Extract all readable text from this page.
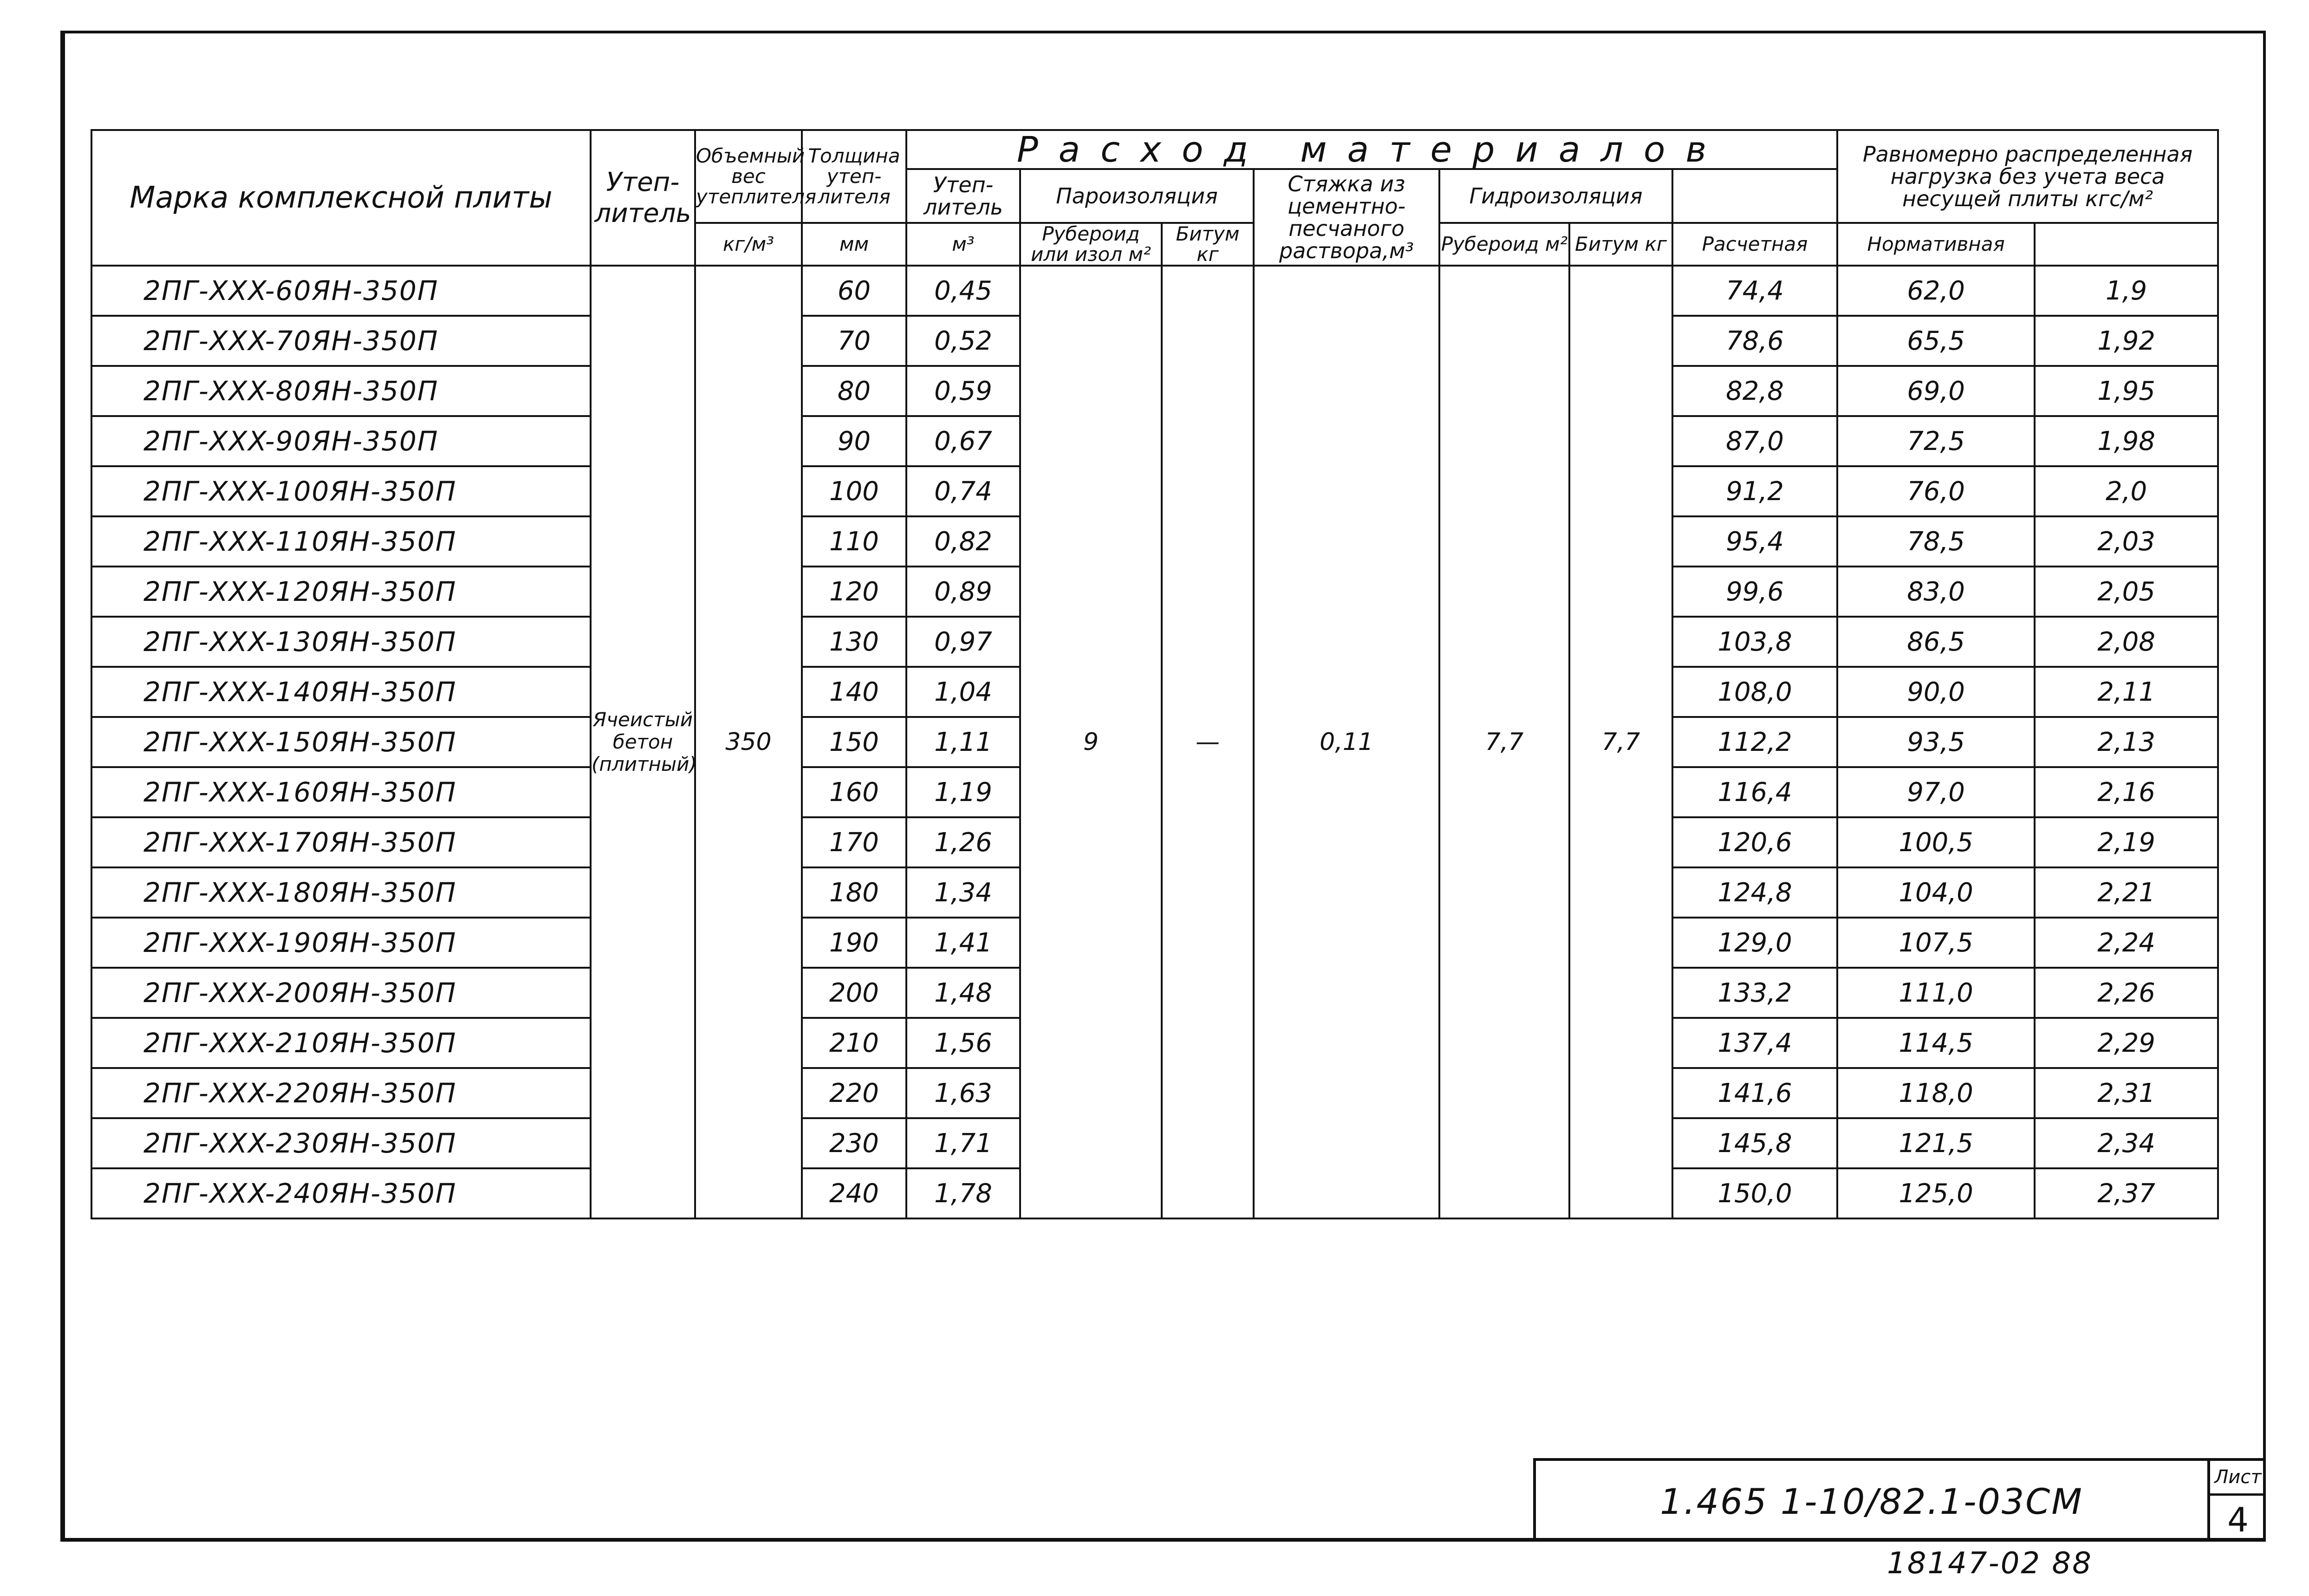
Марка комплексной плиты	Утеп-литель	Объемный вес утеплителя	Толщина утеп-лителя	Расход материалов							Равномерно распределенная нагрузка без учета веса несущей плиты кгс/м²	
				Утеп-литель	Пароизоляция		Стяжка из цементно-песчаного раствора,м³	Гидроизоляция					
		кг/м³	мм	м³	Рубероид или изол м²	Битум кг		Рубероид м²	Битум кг	Расчетная	Нормативная		
2ПГ-XXX-60ЯН-350П	Ячеистый бетон (плитный)	350	60	0,45	9	—	0,11	7,7	7,7	74,4	62,0	1,9	
2ПГ-XXX-70ЯН-350П			70	0,52						78,6	65,5	1,92	
2ПГ-XXX-80ЯН-350П			80	0,59						82,8	69,0	1,95	
2ПГ-XXX-90ЯН-350П			90	0,67						87,0	72,5	1,98	
2ПГ-XXX-100ЯН-350П			100	0,74						91,2	76,0	2,0	
2ПГ-XXX-110ЯН-350П			110	0,82						95,4	78,5	2,03	
2ПГ-XXX-120ЯН-350П			120	0,89						99,6	83,0	2,05	
2ПГ-XXX-130ЯН-350П			130	0,97						103,8	86,5	2,08	
2ПГ-XXX-140ЯН-350П			140	1,04						108,0	90,0	2,11	
2ПГ-XXX-150ЯН-350П			150	1,11						112,2	93,5	2,13	
2ПГ-XXX-160ЯН-350П			160	1,19						116,4	97,0	2,16	
2ПГ-XXX-170ЯН-350П			170	1,26						120,6	100,5	2,19	
2ПГ-XXX-180ЯН-350П			180	1,34						124,8	104,0	2,21	
2ПГ-XXX-190ЯН-350П			190	1,41						129,0	107,5	2,24	
2ПГ-XXX-200ЯН-350П			200	1,48						133,2	111,0	2,26	
2ПГ-XXX-210ЯН-350П			210	1,56						137,4	114,5	2,29	
2ПГ-XXX-220ЯН-350П			220	1,63						141,6	118,0	2,31	
2ПГ-XXX-230ЯН-350П			230	1,71						145,8	121,5	2,34	
2ПГ-XXX-240ЯН-350П			240	1,78						150,0	125,0	2,37	
1.465 1-10/82.1-03СМ
Лист
4
18147-02 88
